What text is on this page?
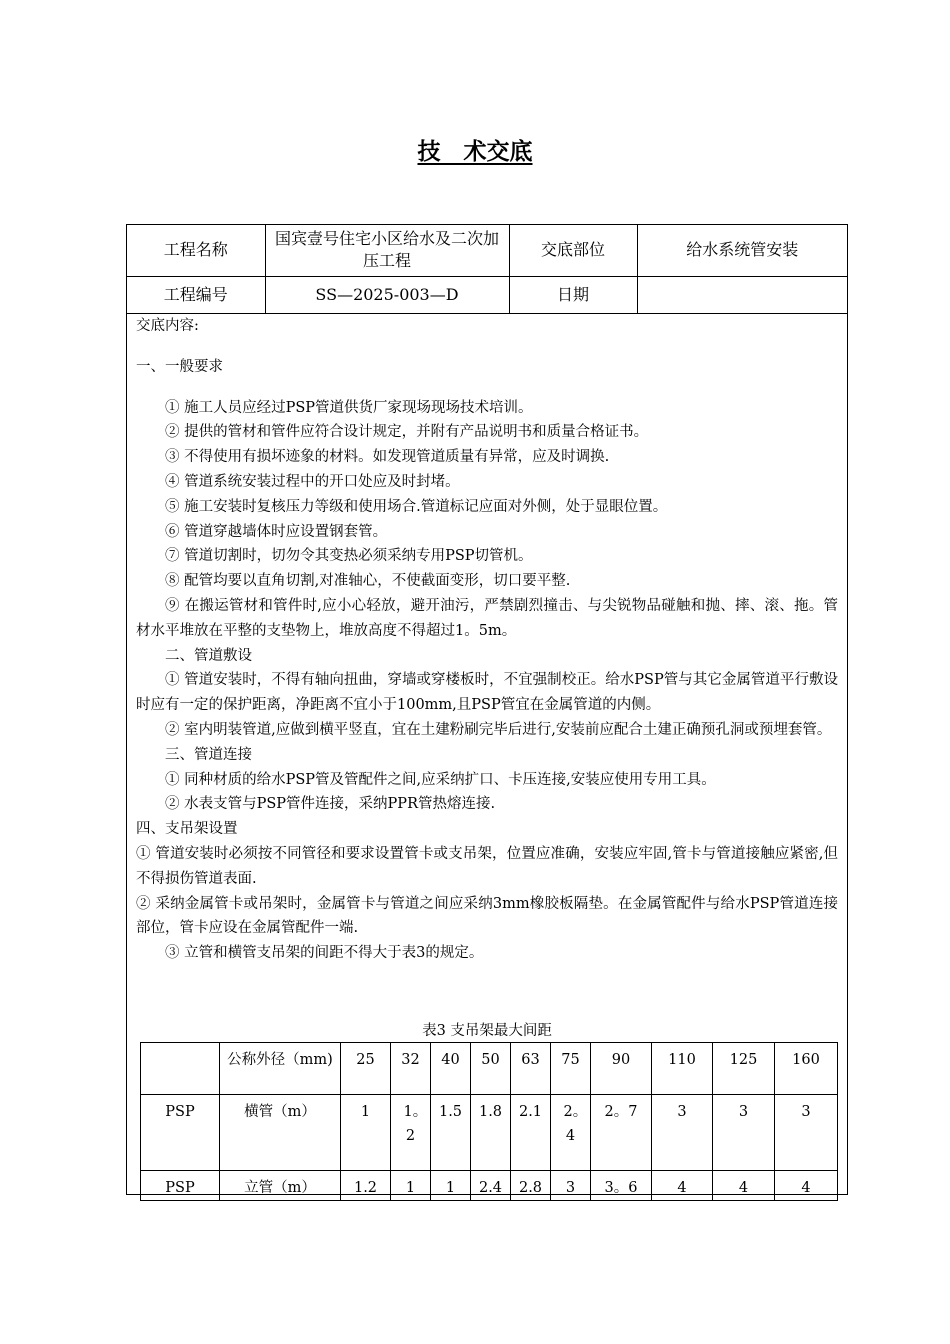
技　术交底
工程名称	国宾壹号住宅小区给水及二次加压工程	交底部位	给水系统管安装
工程编号	SS—2025-003—D	日期	

交底内容:

一、一般要求

① 施工人员应经过PSP管道供货厂家现场现场技术培训。

② 提供的管材和管件应符合设计规定，并附有产品说明书和质量合格证书。

③ 不得使用有损坏迹象的材料。如发现管道质量有异常，应及时调换.

④ 管道系统安装过程中的开口处应及时封堵。

⑤ 施工安装时复核压力等级和使用场合.管道标记应面对外侧，处于显眼位置。

⑥ 管道穿越墙体时应设置钢套管。

⑦ 管道切割时，切勿令其变热必须采纳专用PSP切管机。

⑧ 配管均要以直角切割,对准轴心，不使截面变形，切口要平整.

⑨ 在搬运管材和管件时,应小心轻放，避开油污，严禁剧烈撞击、与尖锐物品碰触和抛、摔、滚、拖。管材水平堆放在平整的支垫物上，堆放高度不得超过1。5m。

二、管道敷设

① 管道安装时，不得有轴向扭曲，穿墙或穿楼板时，不宜强制校正。给水PSP管与其它金属管道平行敷设时应有一定的保护距离，净距离不宜小于100mm,且PSP管宜在金属管道的内侧。

② 室内明装管道,应做到横平竖直，宜在土建粉刷完毕后进行,安装前应配合土建正确预孔洞或预埋套管。

三、管道连接

① 同种材质的给水PSP管及管配件之间,应采纳扩口、卡压连接,安装应使用专用工具。

② 水表支管与PSP管件连接，采纳PPR管热熔连接.

四、支吊架设置

① 管道安装时必须按不同管径和要求设置管卡或支吊架，位置应准确，安装应牢固,管卡与管道接触应紧密,但不得损伤管道表面.

② 采纳金属管卡或吊架时，金属管卡与管道之间应采纳3mm橡胶板隔垫。在金属管配件与给水PSP管道连接部位，管卡应设在金属管配件一端.

③ 立管和横管支吊架的间距不得大于表3的规定。

表3 支吊架最大间距
	公称外径（mm)	25	32	40	50	63	75	90	110	125	160
PSP	横管（m）	1	1。2	1.5	1.8	2.1	2。4	2。7	3	3	3
PSP	立管（m）	1.2	1	1	2.4	2.8	3	3。6	4	4	4
